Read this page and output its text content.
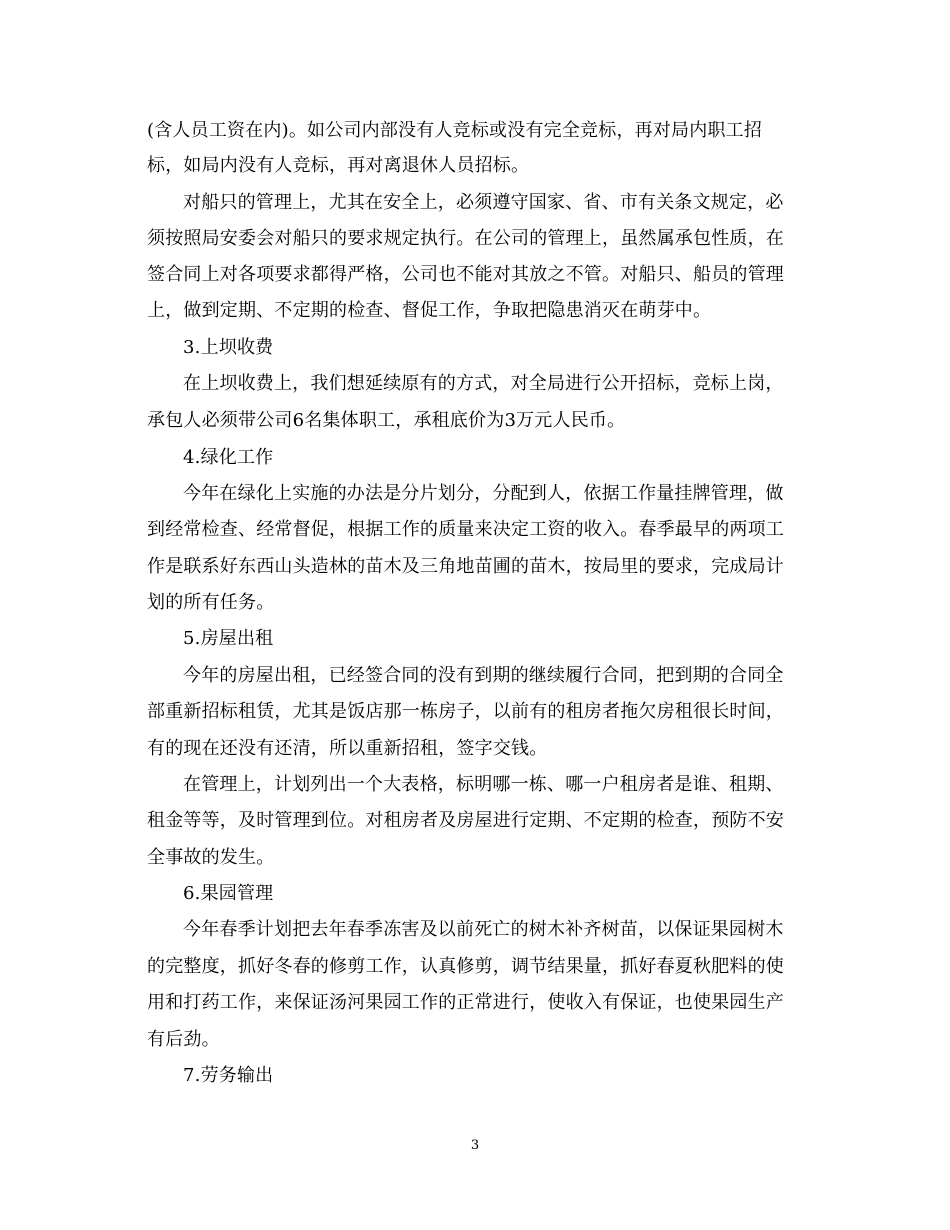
(含人员工资在内)。如公司内部没有人竞标或没有完全竞标，再对局内职工招
标，如局内没有人竞标，再对离退休人员招标。
对船只的管理上，尤其在安全上，必须遵守国家、省、市有关条文规定，必
须按照局安委会对船只的要求规定执行。在公司的管理上，虽然属承包性质，在
签合同上对各项要求都得严格，公司也不能对其放之不管。对船只、船员的管理
上，做到定期、不定期的检查、督促工作，争取把隐患消灭在萌芽中。
3.上坝收费
在上坝收费上，我们想延续原有的方式，对全局进行公开招标，竞标上岗，
承包人必须带公司6名集体职工，承租底价为3万元人民币。
4.绿化工作
今年在绿化上实施的办法是分片划分，分配到人，依据工作量挂牌管理，做
到经常检查、经常督促，根据工作的质量来决定工资的收入。春季最早的两项工
作是联系好东西山头造林的苗木及三角地苗圃的苗木，按局里的要求，完成局计
划的所有任务。
5.房屋出租
今年的房屋出租，已经签合同的没有到期的继续履行合同，把到期的合同全
部重新招标租赁，尤其是饭店那一栋房子，以前有的租房者拖欠房租很长时间，
有的现在还没有还清，所以重新招租，签字交钱。
在管理上，计划列出一个大表格，标明哪一栋、哪一户租房者是谁、租期、
租金等等，及时管理到位。对租房者及房屋进行定期、不定期的检查，预防不安
全事故的发生。
6.果园管理
今年春季计划把去年春季冻害及以前死亡的树木补齐树苗，以保证果园树木
的完整度，抓好冬春的修剪工作，认真修剪，调节结果量，抓好春夏秋肥料的使
用和打药工作，来保证汤河果园工作的正常进行，使收入有保证，也使果园生产
有后劲。
7.劳务输出
3
